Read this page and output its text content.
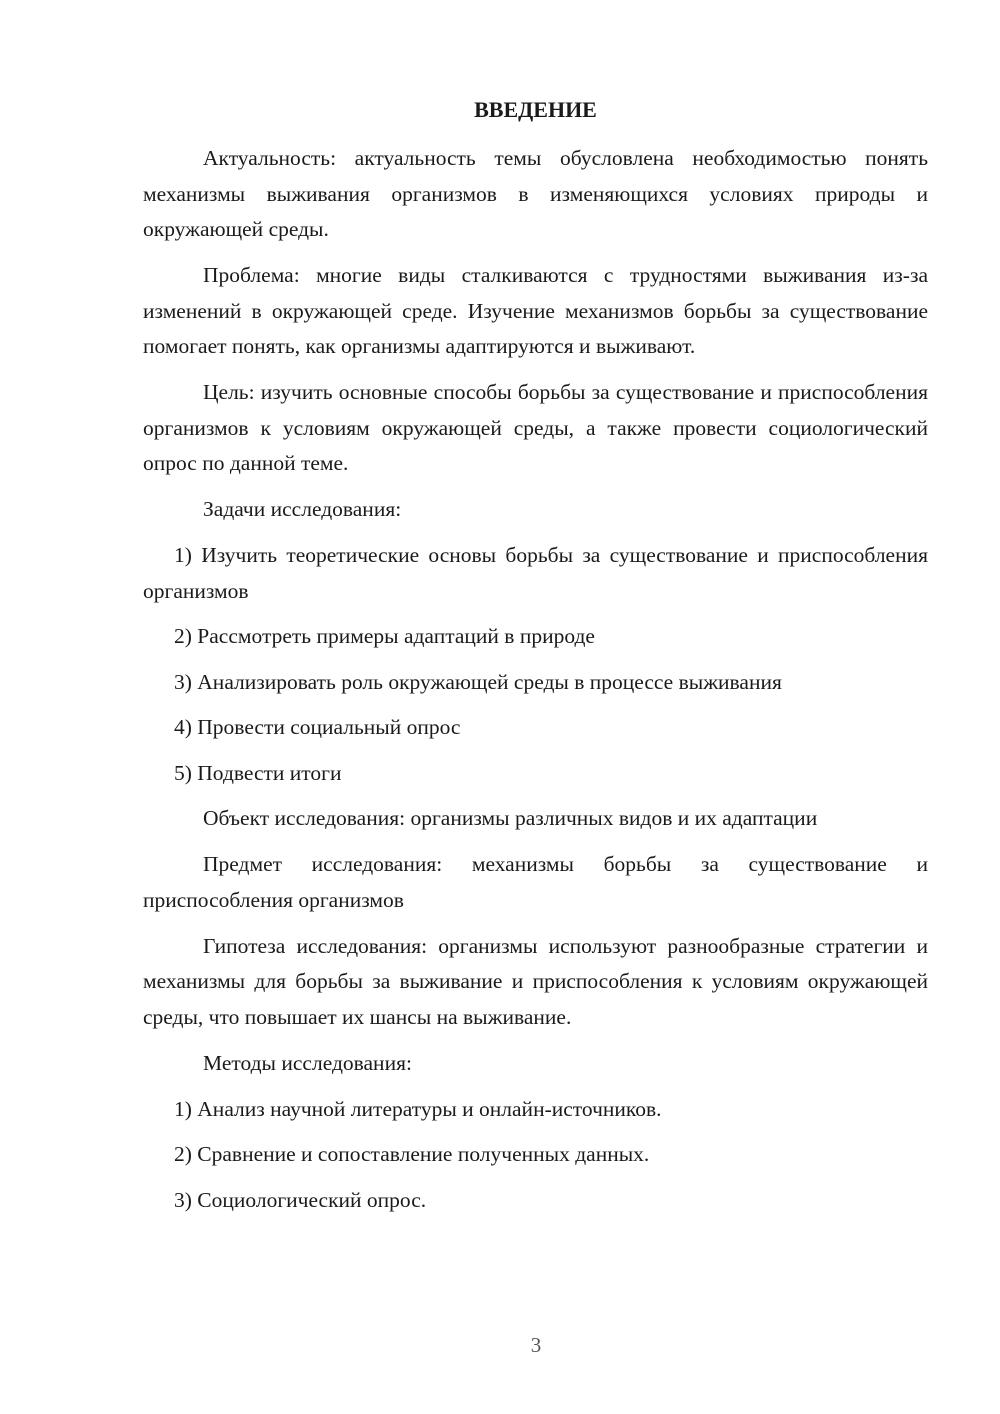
ВВЕДЕНИЕ

Актуальность: актуальность темы обусловлена необходимостью понять механизмы выживания организмов в изменяющихся условиях природы и окружающей среды.

Проблема: многие виды сталкиваются с трудностями выживания из-за изменений в окружающей среде. Изучение механизмов борьбы за существование помогает понять, как организмы адаптируются и выживают.

Цель: изучить основные способы борьбы за существование и приспособления организмов к условиям окружающей среды, а также провести социологический опрос по данной теме.

Задачи исследования:

1) Изучить теоретические основы борьбы за существование и приспособления организмов

2) Рассмотреть примеры адаптаций в природе

3) Анализировать роль окружающей среды в процессе выживания

4) Провести социальный опрос

5) Подвести итоги

Объект исследования: организмы различных видов и их адаптации

Предмет исследования: механизмы борьбы за существование и приспособления организмов

Гипотеза исследования: организмы используют разнообразные стратегии и механизмы для борьбы за выживание и приспособления к условиям окружающей среды, что повышает их шансы на выживание.

Методы исследования:

1) Анализ научной литературы и онлайн-источников.

2) Сравнение и сопоставление полученных данных.

3) Социологический опрос.

3
